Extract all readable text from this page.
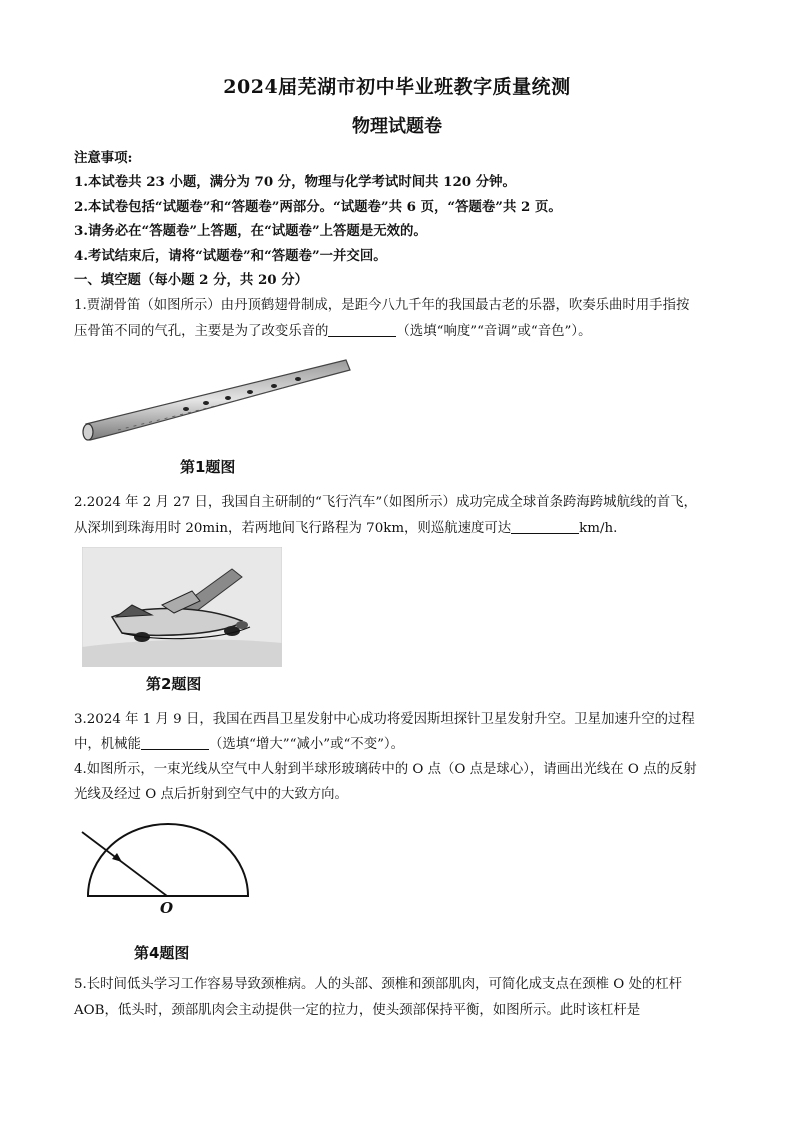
2024届芜湖市初中毕业班教字质量统测
物理试题卷
注意事项:
1.本试卷共 23 小题，满分为 70 分，物理与化学考试时间共 120 分钟。
2.本试卷包括“试题卷”和“答题卷”两部分。“试题卷”共 6 页，“答题卷”共 2 页。
3.请务必在“答题卷”上答题，在“试题卷”上答题是无效的。
4.考试结束后，请将“试题卷”和“答题卷”一并交回。
一、填空题（每小题 2 分，共 20 分）
1.贾湖骨笛（如图所示）由丹顶鹤翅骨制成，是距今八九千年的我国最古老的乐器，吹奏乐曲时用手指按
压骨笛不同的气孔，主要是为了改变乐音的	（选填“响度”“音调”或“音色”）。
第1题图
2.2024 年 2 月 27 日，我国自主研制的“飞行汽车”（如图所示）成功完成全球首条跨海跨城航线的首飞，
从深圳到珠海用时 20min，若两地间飞行路程为 70km，则巡航速度可达	km/h.
第2题图
3.2024 年 1 月 9 日，我国在西昌卫星发射中心成功将爱因斯坦探针卫星发射升空。卫星加速升空的过程
中，机械能	（选填“增大”“减小”或“不变”）。
4.如图所示，一束光线从空气中人射到半球形玻璃砖中的 O 点（O 点是球心），请画出光线在 O 点的反射
光线及经过 O 点后折射到空气中的大致方向。
O
第4题图
5.长时间低头学习工作容易导致颈椎病。人的头部、颈椎和颈部肌肉，可简化成支点在颈椎 O 处的杠杆
AOB，低头时，颈部肌肉会主动提供一定的拉力，使头颈部保持平衡，如图所示。此时该杠杆是
